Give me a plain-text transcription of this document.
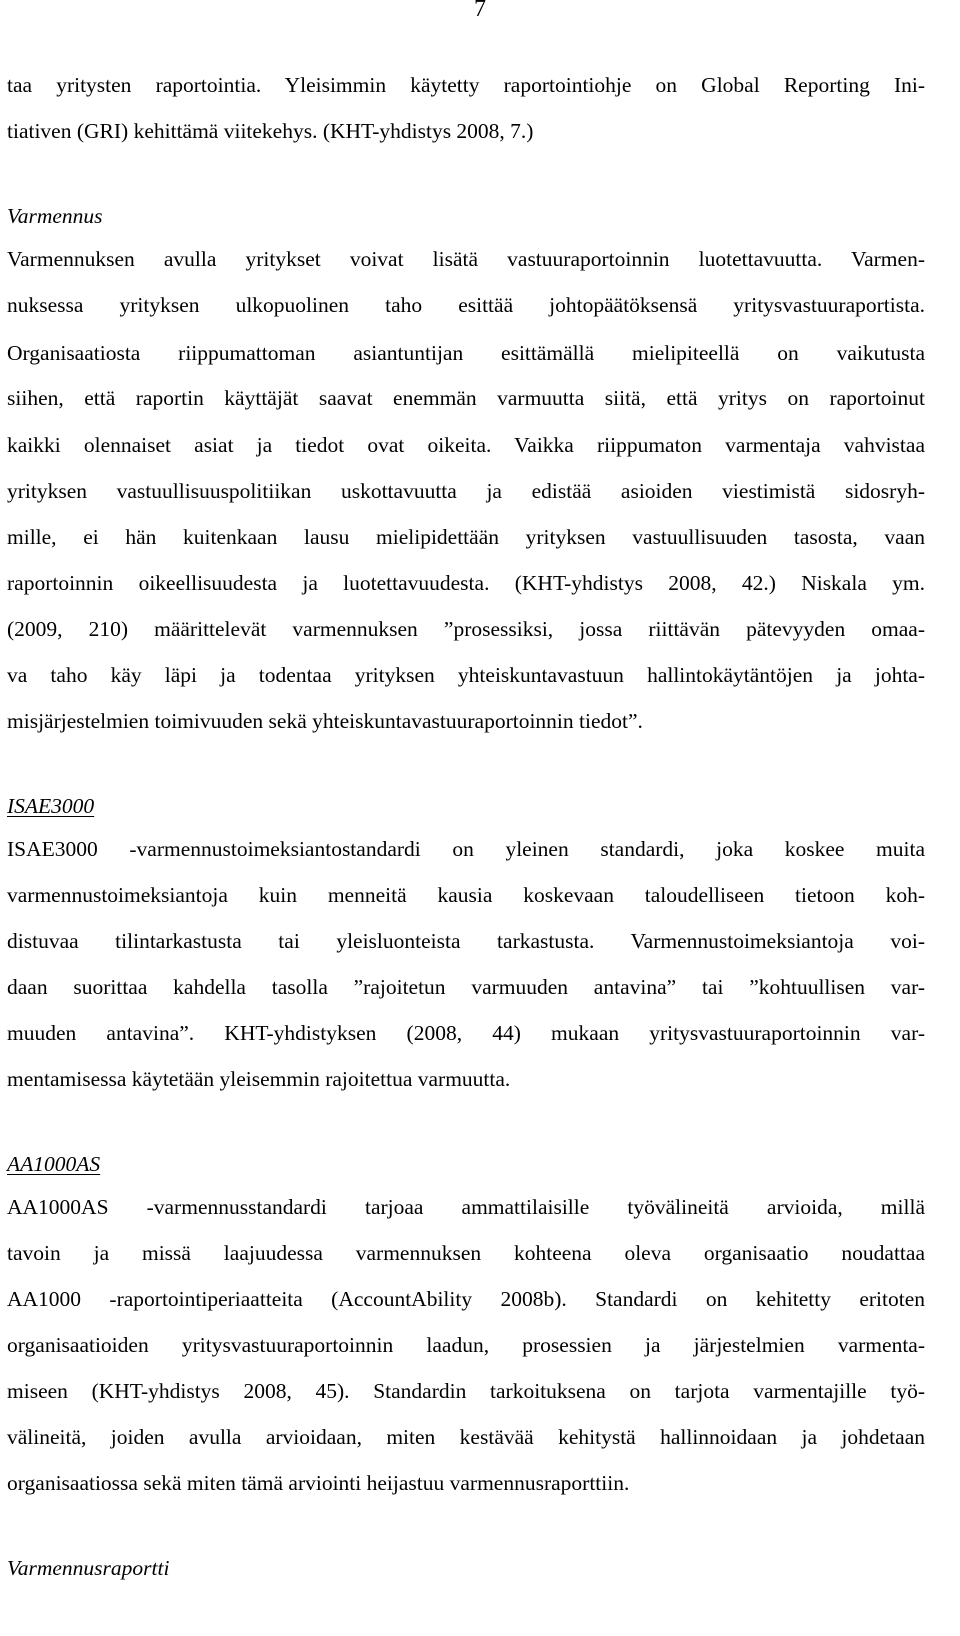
7
taa yritysten raportointia. Yleisimmin käytetty raportointiohje on Global Reporting Ini-
tiativen (GRI) kehittämä viitekehys. (KHT-yhdistys 2008, 7.)
Varmennus
Varmennuksen avulla yritykset voivat lisätä vastuuraportoinnin luotettavuutta. Varmen-
nuksessa yrityksen ulkopuolinen taho esittää johtopäätöksensä yritysvastuuraportista.
Organisaatiosta riippumattoman asiantuntijan esittämällä mielipiteellä on vaikutusta
siihen, että raportin käyttäjät saavat enemmän varmuutta siitä, että yritys on raportoinut
kaikki olennaiset asiat ja tiedot ovat oikeita. Vaikka riippumaton varmentaja vahvistaa
yrityksen vastuullisuuspolitiikan uskottavuutta ja edistää asioiden viestimistä sidosryh-
mille, ei hän kuitenkaan lausu mielipidettään yrityksen vastuullisuuden tasosta, vaan
raportoinnin oikeellisuudesta ja luotettavuudesta. (KHT-yhdistys 2008, 42.) Niskala ym.
(2009, 210) määrittelevät varmennuksen ”prosessiksi, jossa riittävän pätevyyden omaa-
va taho käy läpi ja todentaa yrityksen yhteiskuntavastuun hallintokäytäntöjen ja johta-
misjärjestelmien toimivuuden sekä yhteiskuntavastuuraportoinnin tiedot”.
ISAE3000
ISAE3000 -varmennustoimeksiantostandardi on yleinen standardi, joka koskee muita
varmennustoimeksiantoja kuin menneitä kausia koskevaan taloudelliseen tietoon koh-
distuvaa tilintarkastusta tai yleisluonteista tarkastusta. Varmennustoimeksiantoja voi-
daan suorittaa kahdella tasolla ”rajoitetun varmuuden antavina” tai ”kohtuullisen var-
muuden antavina”. KHT-yhdistyksen (2008, 44) mukaan yritysvastuuraportoinnin var-
mentamisessa käytetään yleisemmin rajoitettua varmuutta.
AA1000AS
AA1000AS -varmennusstandardi tarjoaa ammattilaisille työvälineitä arvioida, millä
tavoin ja missä laajuudessa varmennuksen kohteena oleva organisaatio noudattaa
AA1000 -raportointiperiaatteita (AccountAbility 2008b). Standardi on kehitetty eritoten
organisaatioiden yritysvastuuraportoinnin laadun, prosessien ja järjestelmien varmenta-
miseen (KHT-yhdistys 2008, 45). Standardin tarkoituksena on tarjota varmentajille työ-
välineitä, joiden avulla arvioidaan, miten kestävää kehitystä hallinnoidaan ja johdetaan
organisaatiossa sekä miten tämä arviointi heijastuu varmennusraporttiin.
Varmennusraportti
